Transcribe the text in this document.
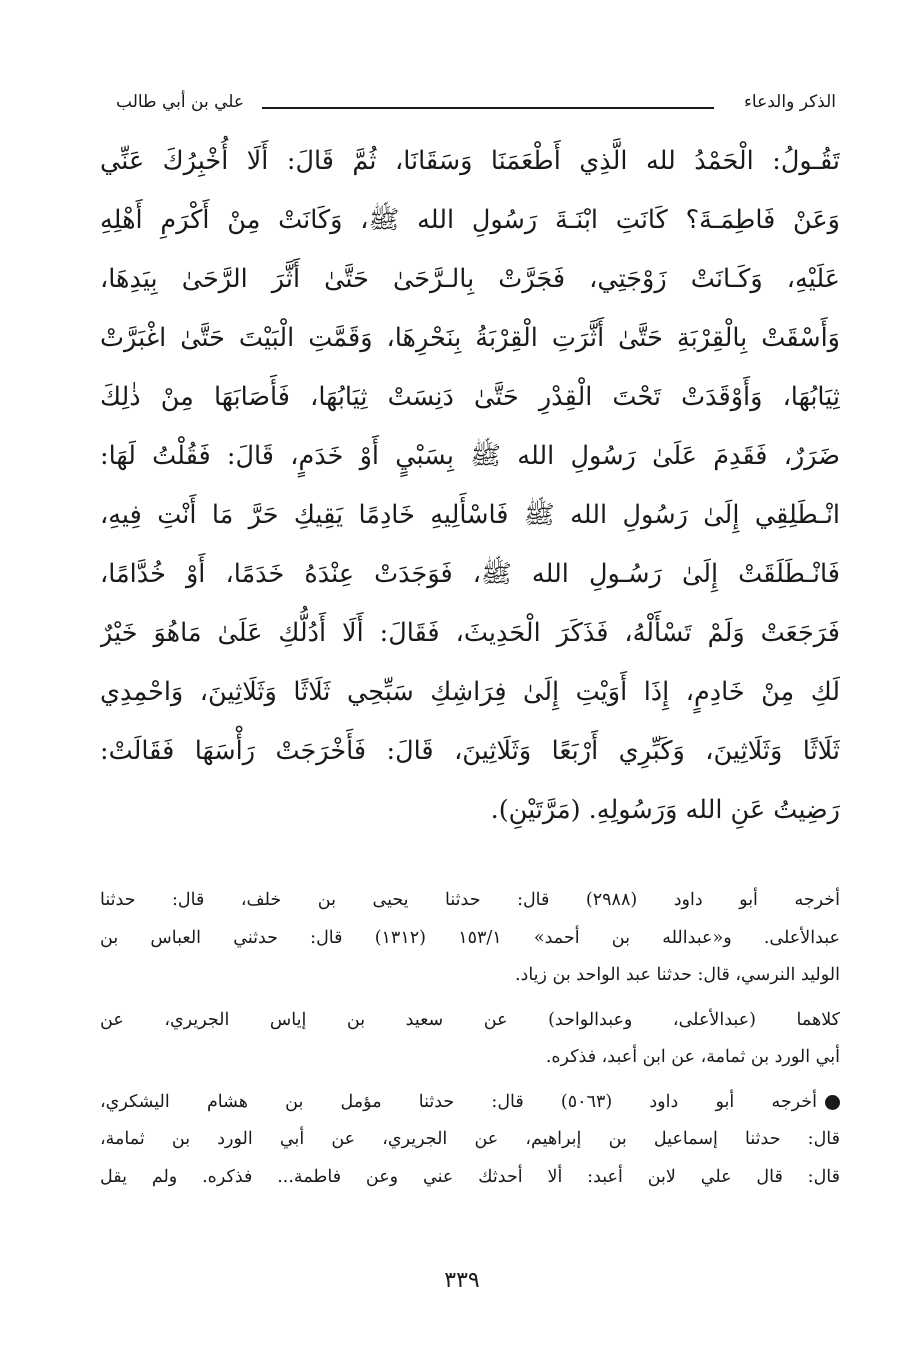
الذكر والدعاء
علي بن أبي طالب
تَقُـولُ: الْحَمْدُ لله الَّذِي أَطْعَمَنَا وَسَقَانَا، ثُمَّ قَالَ: أَلَا أُخْبِرُكَ عَنِّي
وَعَنْ فَاطِمَـةَ؟ كَانَتِ ابْنَـةَ رَسُولِ الله ﷺ، وَكَانَتْ مِنْ أَكْرَمِ أَهْلِهِ
عَلَيْهِ، وَكَـانَتْ زَوْجَتِي، فَجَرَّتْ بِالـرَّحَىٰ حَتَّىٰ أَثَّرَ الرَّحَىٰ بِيَدِهَا،
وَأَسْقَتْ بِالْقِرْبَةِ حَتَّىٰ أَثَّرَتِ الْقِرْبَةُ بِنَحْرِهَا، وَقَمَّتِ الْبَيْتَ حَتَّىٰ اغْبَرَّتْ
ثِيَابُهَا، وَأَوْقَدَتْ تَحْتَ الْقِدْرِ حَتَّىٰ دَنِسَتْ ثِيَابُهَا، فَأَصَابَهَا مِنْ ذٰلِكَ
ضَرَرٌ، فَقَدِمَ عَلَىٰ رَسُولِ الله ﷺ بِسَبْيٍ أَوْ خَدَمٍ، قَالَ: فَقُلْتُ لَهَا:
انْـطَلِقِي إِلَىٰ رَسُولِ الله ﷺ فَاسْأَلِيهِ خَادِمًا يَقِيكِ حَرَّ مَا أَنْتِ فِيهِ،
فَانْـطَلَقَتْ إِلَىٰ رَسُـولِ الله ﷺ، فَوَجَدَتْ عِنْدَهُ خَدَمًا، أَوْ خُدَّامًا،
فَرَجَعَتْ وَلَمْ تَسْأَلْهُ، فَذَكَرَ الْحَدِيثَ، فَقَالَ: أَلَا أَدُلُّكِ عَلَىٰ مَاهُوَ خَيْرٌ
لَكِ مِنْ خَادِمٍ، إِذَا أَوَيْتِ إِلَىٰ فِرَاشِكِ سَبِّحِي ثَلَاثًا وَثَلَاثِينَ، وَاحْمِدِي
ثَلَاثًا وَثَلَاثِينَ، وَكَبِّرِي أَرْبَعًا وَثَلَاثِينَ، قَالَ: فَأَخْرَجَتْ رَأْسَهَا فَقَالَتْ:
رَضِيتُ عَنِ الله وَرَسُولِهِ. (مَرَّتَيْنِ).
أخرجه أبو داود (٢٩٨٨) قال: حدثنا يحيى بن خلف، قال: حدثنا
عبدالأعلى. و«عبدالله بن أحمد» ١٥٣/١ (١٣١٢) قال: حدثني العباس بن
الوليد النرسي، قال: حدثنا عبد الواحد بن زياد.
كلاهما (عبدالأعلى، وعبدالواحد) عن سعيد بن إياس الجريري، عن
أبي الورد بن ثمامة، عن ابن أعبد، فذكره.
أخرجه أبو داود (٥٠٦٣) قال: حدثنا مؤمل بن هشام اليشكري،
قال: حدثنا إسماعيل بن إبراهيم، عن الجريري، عن أبي الورد بن ثمامة،
قال: قال علي لابن أعبد: ألا أحدثك عني وعن فاطمة... فذكره. ولم يقل
٣٣٩
